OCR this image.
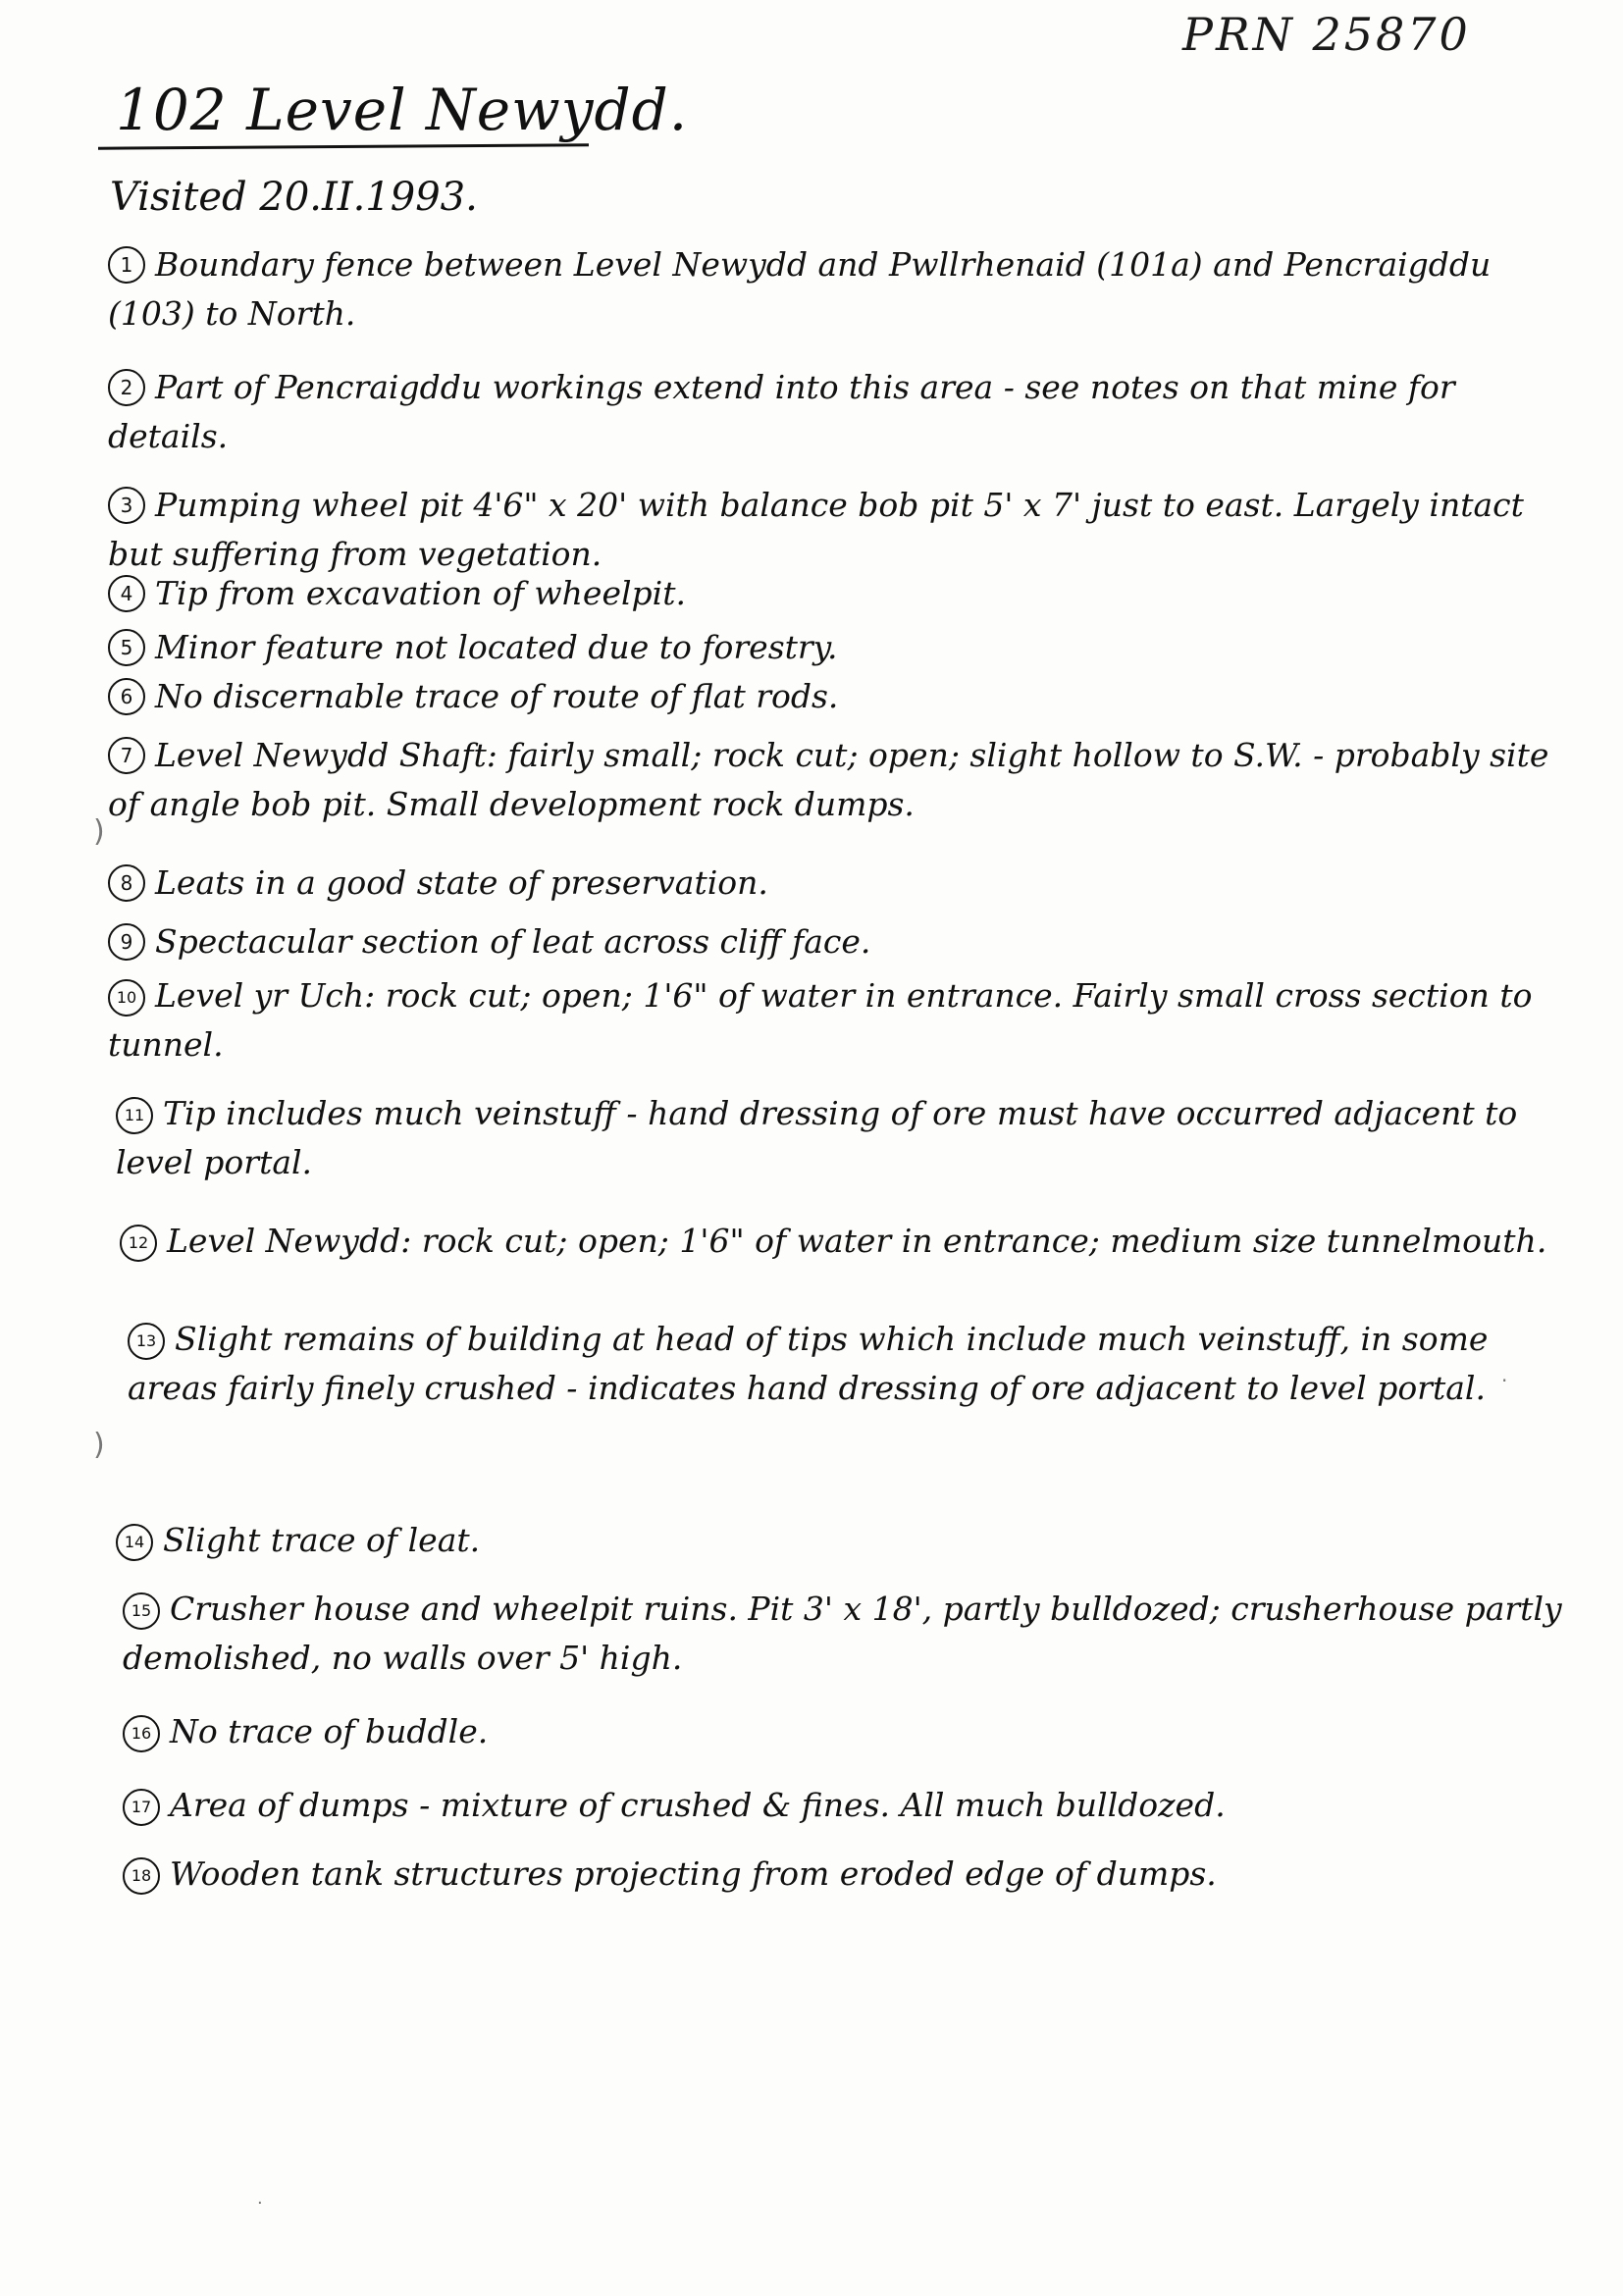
PRN 25870
102 Level Newydd.
Visited 20.II.1993.
1 Boundary fence between Level Newydd and Pwllrhenaid (101a) and Pencraigddu (103) to North.
2 Part of Pencraigddu workings extend into this area - see notes on that mine for details.
3 Pumping wheel pit 4'6" x 20' with balance bob pit 5' x 7' just to east. Largely intact but suffering from vegetation.
4 Tip from excavation of wheelpit.
5 Minor feature not located due to forestry.
6 No discernable trace of route of flat rods.
7 Level Newydd Shaft: fairly small; rock cut; open; slight hollow to S.W. - probably site of angle bob pit. Small development rock dumps.
8 Leats in a good state of preservation.
9 Spectacular section of leat across cliff face.
10 Level yr Uch: rock cut; open; 1'6" of water in entrance. Fairly small cross section to tunnel.
11 Tip includes much veinstuff - hand dressing of ore must have occurred adjacent to level portal.
12 Level Newydd: rock cut; open; 1'6" of water in entrance; medium size tunnelmouth.
13 Slight remains of building at head of tips which include much veinstuff, in some areas fairly finely crushed - indicates hand dressing of ore adjacent to level portal.
14 Slight trace of leat.
15 Crusher house and wheelpit ruins. Pit 3' x 18', partly bulldozed; crusherhouse partly demolished, no walls over 5' high.
16 No trace of buddle.
17 Area of dumps - mixture of crushed & fines. All much bulldozed.
18 Wooden tank structures projecting from eroded edge of dumps.
)
)
·
·
